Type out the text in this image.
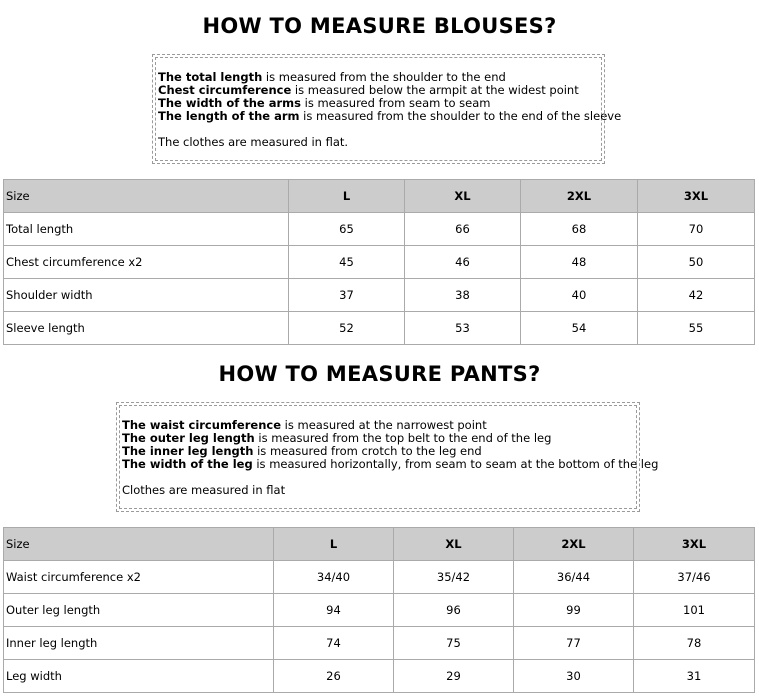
HOW TO MEASURE BLOUSES?
The total length is measured from the shoulder to the end
Chest circumference is measured below the armpit at the widest point
The width of the arms is measured from seam to seam
The length of the arm is measured from the shoulder to the end of the sleeve
The clothes are measured in flat.
Size	L	XL	2XL	3XL
Total length	65	66	68	70
Chest circumference x2	45	46	48	50
Shoulder width	37	38	40	42
Sleeve length	52	53	54	55
HOW TO MEASURE PANTS?
The waist circumference is measured at the narrowest point
The outer leg length is measured from the top belt to the end of the leg
The inner leg length is measured from crotch to the leg end
The width of the leg is measured horizontally, from seam to seam at the bottom of the leg
Clothes are measured in flat
Size	L	XL	2XL	3XL
Waist circumference x2	34/40	35/42	36/44	37/46
Outer leg length	94	96	99	101
Inner leg length	74	75	77	78
Leg width	26	29	30	31
